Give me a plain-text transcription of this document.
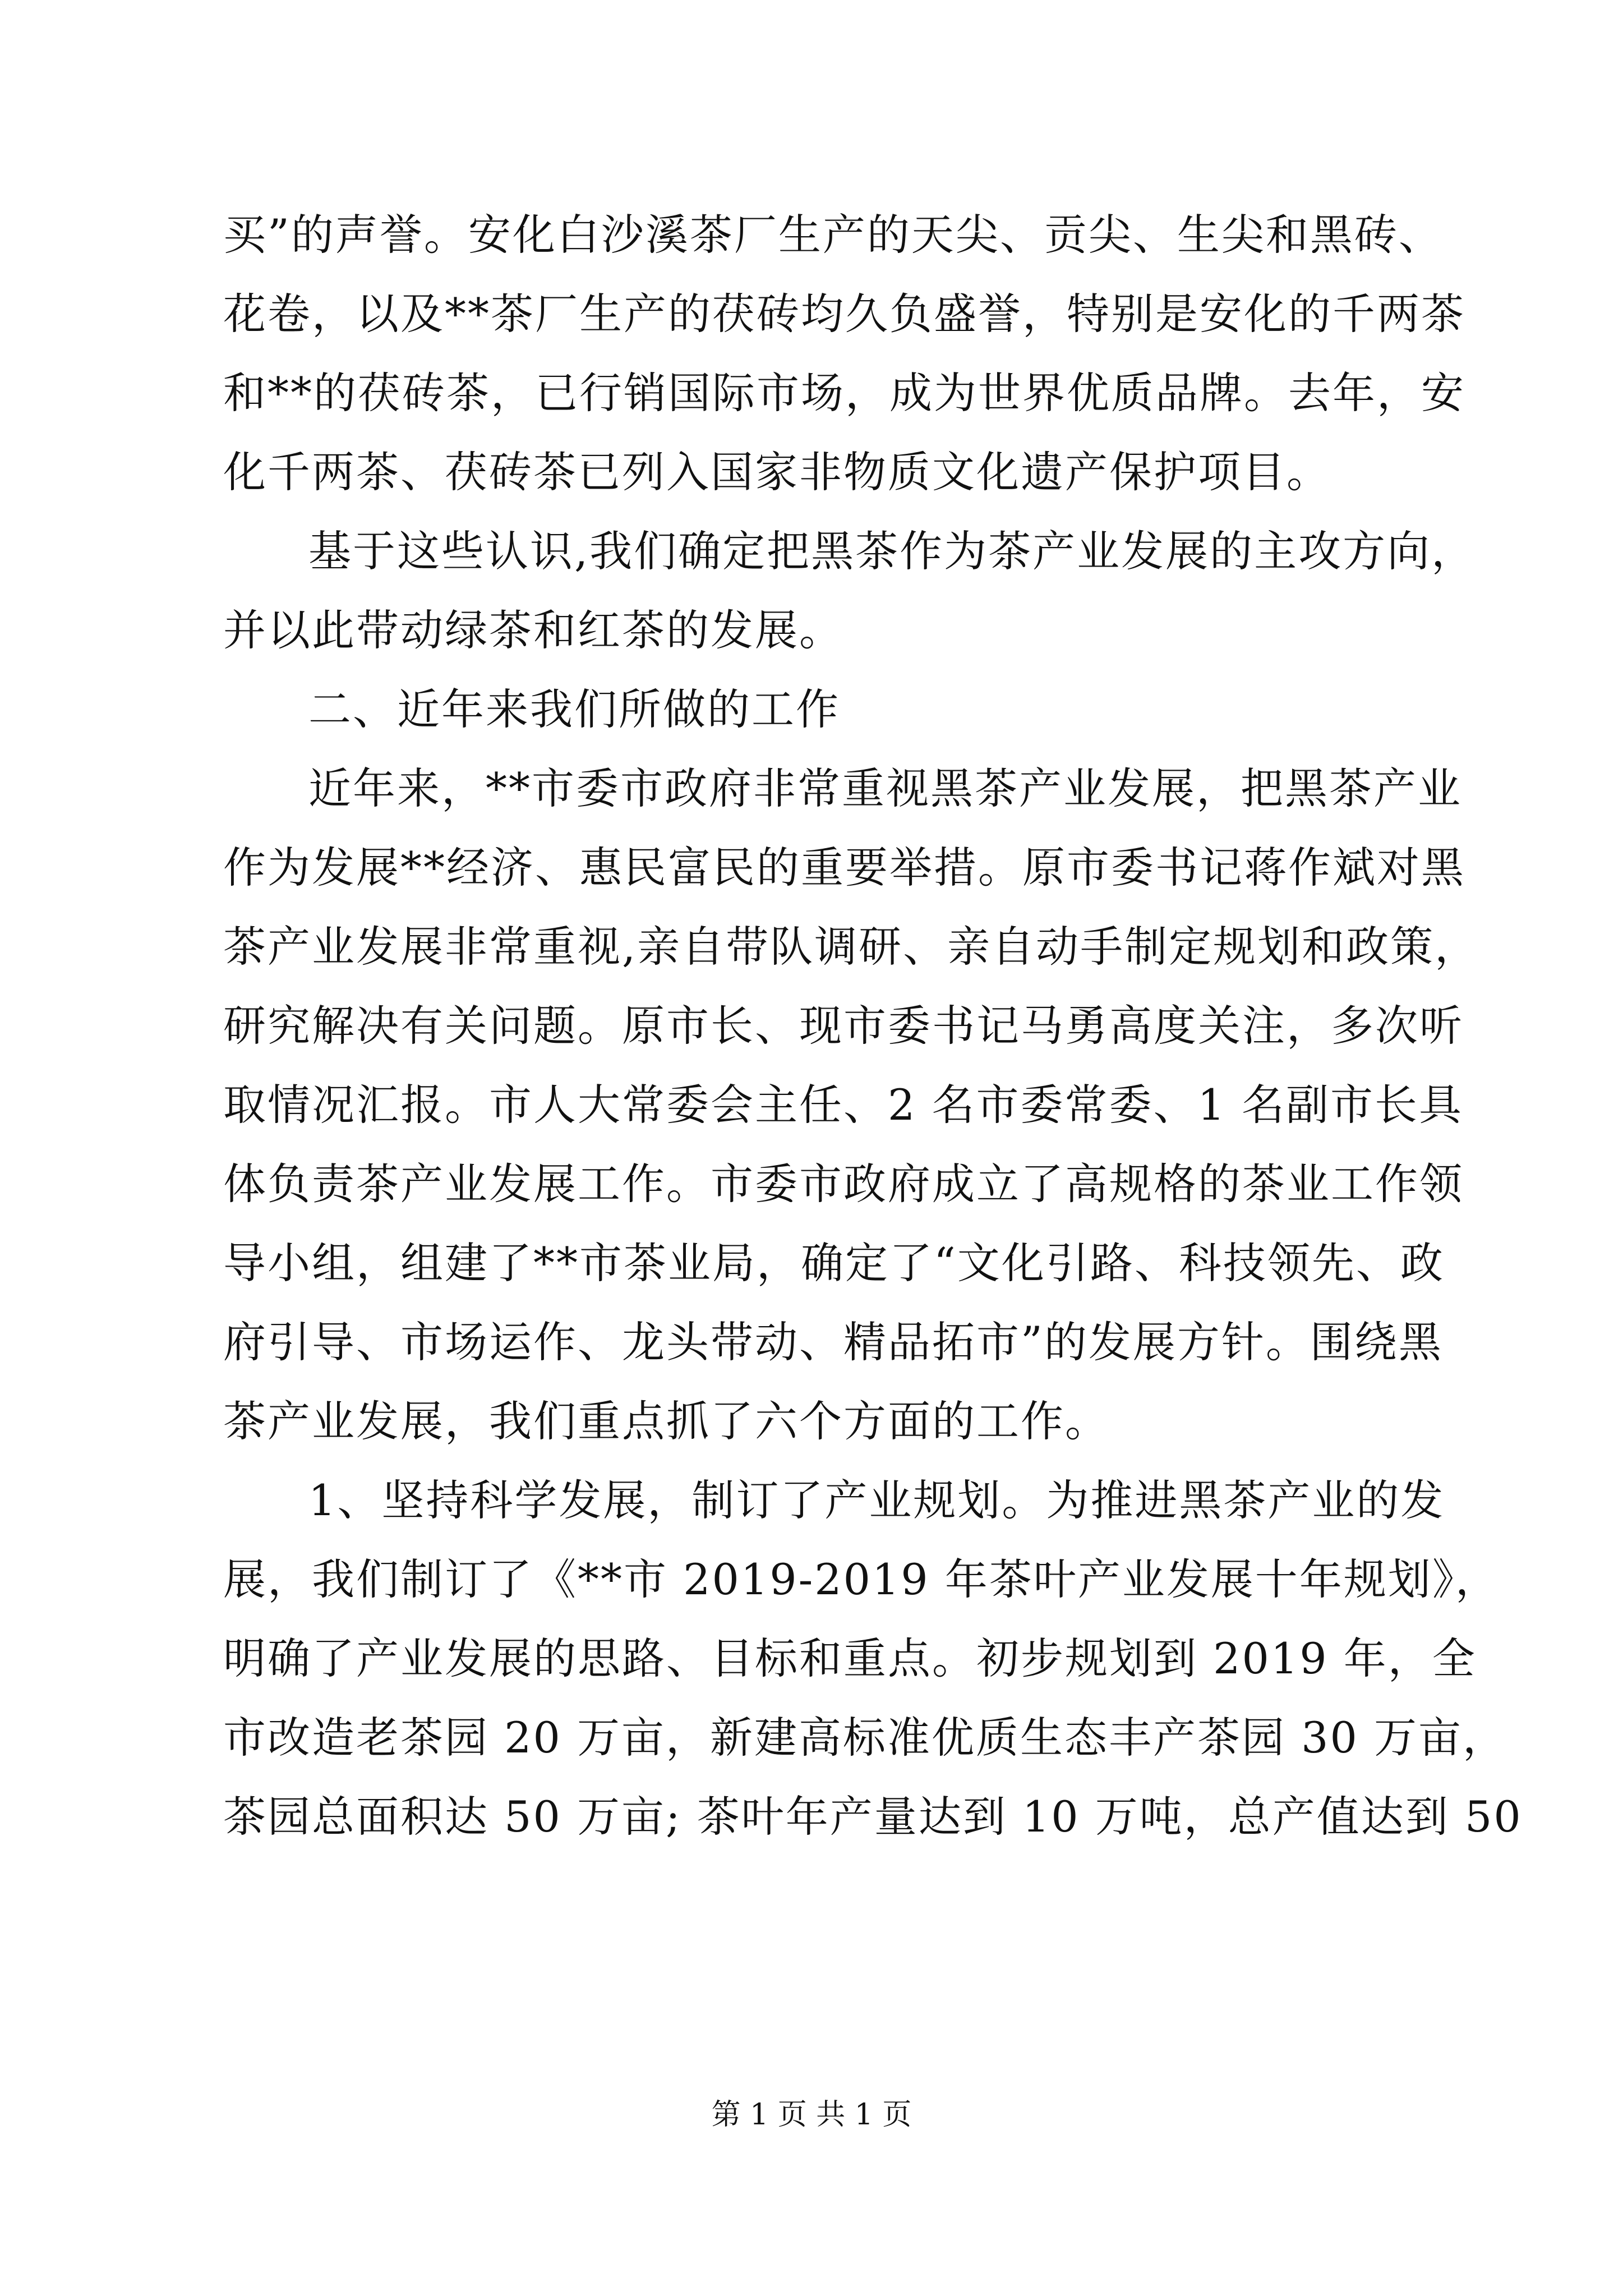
买”的声誉。安化白沙溪茶厂生产的天尖、贡尖、生尖和黑砖、
花卷，以及**茶厂生产的茯砖均久负盛誉，特别是安化的千两茶
和**的茯砖茶，已行销国际市场，成为世界优质品牌。去年，安
化千两茶、茯砖茶已列入国家非物质文化遗产保护项目。
基于这些认识,我们确定把黑茶作为茶产业发展的主攻方向，
并以此带动绿茶和红茶的发展。
二、近年来我们所做的工作
近年来，**市委市政府非常重视黑茶产业发展，把黑茶产业
作为发展**经济、惠民富民的重要举措。原市委书记蒋作斌对黑
茶产业发展非常重视,亲自带队调研、亲自动手制定规划和政策，
研究解决有关问题。原市长、现市委书记马勇高度关注，多次听
取情况汇报。市人大常委会主任、2 名市委常委、1 名副市长具
体负责茶产业发展工作。市委市政府成立了高规格的茶业工作领
导小组，组建了**市茶业局，确定了“文化引路、科技领先、政
府引导、市场运作、龙头带动、精品拓市”的发展方针。围绕黑
茶产业发展，我们重点抓了六个方面的工作。
1、坚持科学发展，制订了产业规划。为推进黑茶产业的发
展，我们制订了《**市 2019-2019 年茶叶产业发展十年规划》，
明确了产业发展的思路、目标和重点。初步规划到 2019 年，全
市改造老茶园 20 万亩，新建高标准优质生态丰产茶园 30 万亩，
茶园总面积达 50 万亩; 茶叶年产量达到 10 万吨，总产值达到 50
第 1 页 共 1 页
